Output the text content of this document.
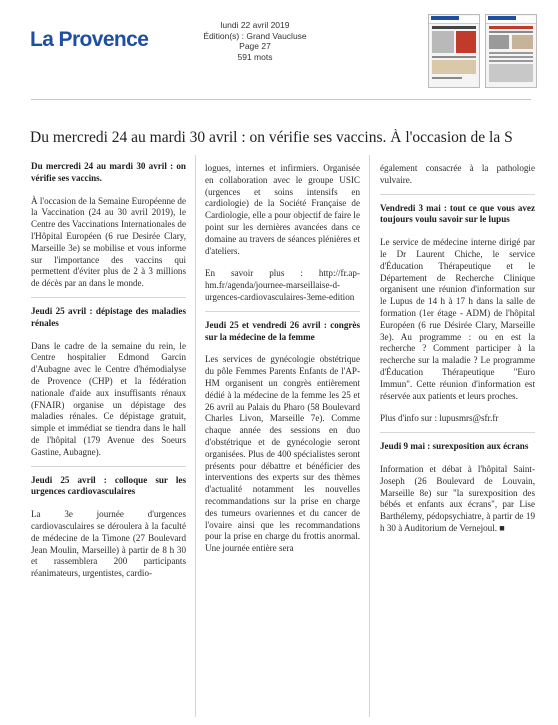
La Provence
lundi 22 avril 2019
Édition(s) : Grand Vaucluse
Page 27
591 mots
Du mercredi 24 au mardi 30 avril : on vérifie ses vaccins. À l'occasion de la S

Du mercredi 24 au mardi 30 avril : on vérifie ses vaccins.

À l'occasion de la Semaine Européenne de la Vaccination (24 au 30 avril 2019), le Centre des Vaccinations Internationales de l'Hôpital Européen (6 rue Desirée Clary, Marseille 3e) se mobilise et vous informe sur l'importance des vaccins qui permettent d'éviter plus de 2 à 3 millions de décès par an dans le monde.

Jeudi 25 avril : dépistage des maladies rénales

Dans le cadre de la semaine du rein, le Centre hospitalier Edmond Garcin d'Aubagne avec le Centre d'hémodialyse de Provence (CHP) et la fédération nationale d'aide aux insuffisants rénaux (FNAIR) organise un dépistage des maladies rénales. Ce dépistage gratuit, simple et immédiat se tiendra dans le hall de l'hôpital (179 Avenue des Soeurs Gastine, Aubagne).

Jeudi 25 avril : colloque sur les urgences cardiovasculaires

La 3e journée d'urgences cardiovasculaires se déroulera à la faculté de médecine de la Timone (27 Boulevard Jean Moulin, Marseille) à partir de 8 h 30 et rassemblera 200 participants réanimateurs, urgentistes, cardio-

logues, internes et infirmiers. Organisée en collaboration avec le groupe USIC (urgences et soins intensifs en cardiologie) de la Société Française de Cardiologie, elle a pour objectif de faire le point sur les dernières avancées dans ce domaine au travers de séances plénières et d'ateliers.

En savoir plus : http://fr.ap-hm.fr/agenda/journee-marseillaise-d-urgences-cardiovasculaires-3eme-edition

Jeudi 25 et vendredi 26 avril : congrès sur la médecine de la femme

Les services de gynécologie obstétrique du pôle Femmes Parents Enfants de l'AP-HM organisent un congrès entièrement dédié à la médecine de la femme les 25 et 26 avril au Palais du Pharo (58 Boulevard Charles Livon, Marseille 7e). Comme chaque année des sessions en duo d'obstétrique et de gynécologie seront organisées. Plus de 400 spécialistes seront présents pour débattre et bénéficier des interventions des experts sur des thèmes d'actualité notamment les nouvelles recommandations sur la prise en charge des tumeurs ovariennes et du cancer de l'ovaire ainsi que les recommandations pour la prise en charge du frottis anormal. Une journée entière sera

également consacrée à la pathologie vulvaire.

Vendredi 3 mai : tout ce que vous avez toujours voulu savoir sur le lupus

Le service de médecine interne dirigé par le Dr Laurent Chiche, le service d'Éducation Thérapeutique et le Département de Recherche Clinique organisent une réunion d'information sur le Lupus de 14 h à 17 h dans la salle de formation (1er étage - ADM) de l'hôpital Européen (6 rue Désirée Clary, Marseille 3e). Au programme : ou en est la recherche ? Comment participer à la recherche sur la maladie ? Le programme d'Éducation Thérapeutique "Euro Immun". Cette réunion d'information est réservée aux patients et leurs proches.

Plus d'info sur : lupusmrs@sfr.fr

Jeudi 9 mai : surexposition aux écrans

Information et débat à l'hôpital Saint-Joseph (26 Boulevard de Louvain, Marseille 8e) sur "la surexposition des bébés et enfants aux écrans", par Lise Barthélemy, pédopsychiatre, à partir de 19 h 30 à Auditorium de Vernejoul. ■
